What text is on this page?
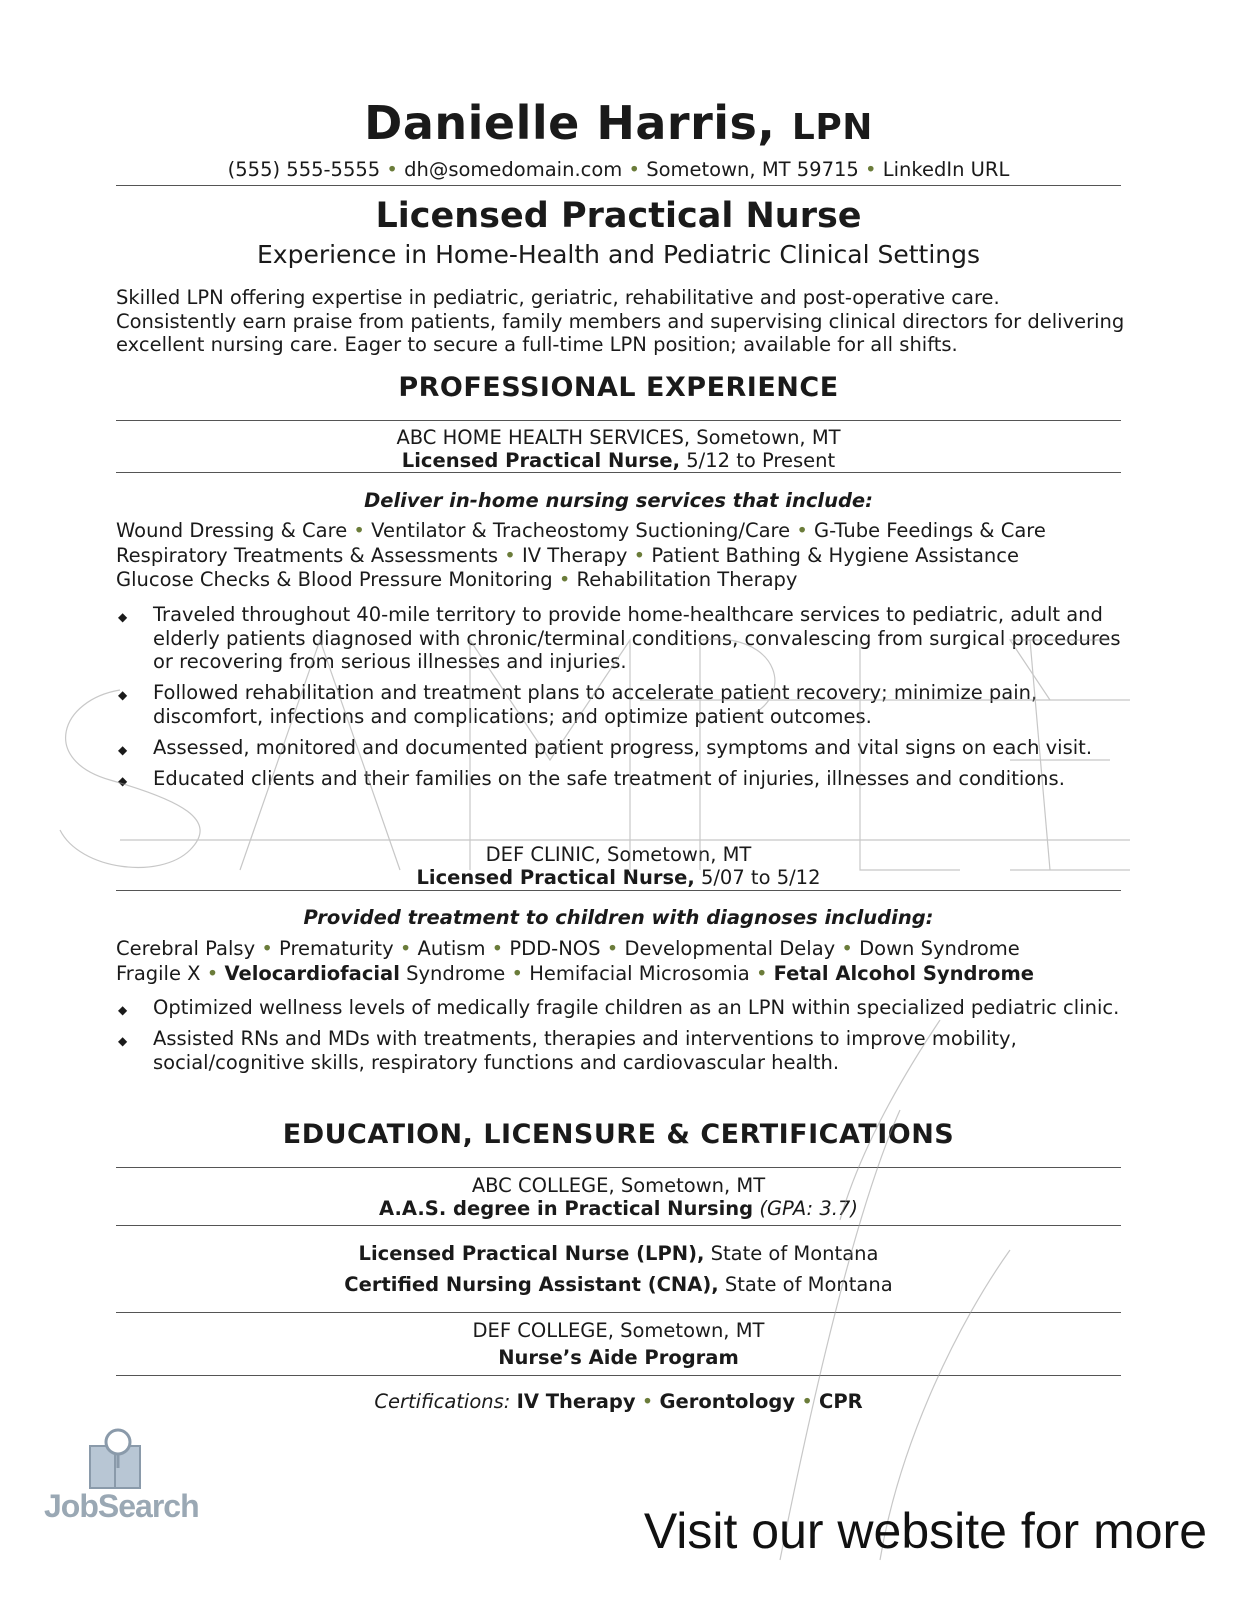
Danielle Harris, LPN
(555) 555-5555 • dh@somedomain.com • Sometown, MT 59715 • LinkedIn URL
Licensed Practical Nurse
Experience in Home-Health and Pediatric Clinical Settings
Skilled LPN offering expertise in pediatric, geriatric, rehabilitative and post-operative care. Consistently earn praise from patients, family members and supervising clinical directors for delivering excellent nursing care. Eager to secure a full-time LPN position; available for all shifts.
PROFESSIONAL EXPERIENCE
ABC HOME HEALTH SERVICES, Sometown, MT
Licensed Practical Nurse, 5/12 to Present
Deliver in-home nursing services that include:
Wound Dressing & Care • Ventilator & Tracheostomy Suctioning/Care • G-Tube Feedings & Care
Respiratory Treatments & Assessments • IV Therapy • Patient Bathing & Hygiene Assistance
Glucose Checks & Blood Pressure Monitoring • Rehabilitation Therapy
◆ Traveled throughout 40-mile territory to provide home-healthcare services to pediatric, adult and elderly patients diagnosed with chronic/terminal conditions, convalescing from surgical procedures or recovering from serious illnesses and injuries.
◆ Followed rehabilitation and treatment plans to accelerate patient recovery; minimize pain, discomfort, infections and complications; and optimize patient outcomes.
◆ Assessed, monitored and documented patient progress, symptoms and vital signs on each visit.
◆ Educated clients and their families on the safe treatment of injuries, illnesses and conditions.
DEF CLINIC, Sometown, MT
Licensed Practical Nurse, 5/07 to 5/12
Provided treatment to children with diagnoses including:
Cerebral Palsy • Prematurity • Autism • PDD-NOS • Developmental Delay • Down Syndrome
Fragile X • Velocardiofacial Syndrome • Hemifacial Microsomia • Fetal Alcohol Syndrome
◆ Optimized wellness levels of medically fragile children as an LPN within specialized pediatric clinic.
◆ Assisted RNs and MDs with treatments, therapies and interventions to improve mobility, social/cognitive skills, respiratory functions and cardiovascular health.
EDUCATION, LICENSURE & CERTIFICATIONS
ABC COLLEGE, Sometown, MT
A.A.S. degree in Practical Nursing (GPA: 3.7)
Licensed Practical Nurse (LPN), State of Montana
Certified Nursing Assistant (CNA), State of Montana
DEF COLLEGE, Sometown, MT
Nurse’s Aide Program
Certifications: IV Therapy • Gerontology • CPR
JobSearch	Visit our website for more
